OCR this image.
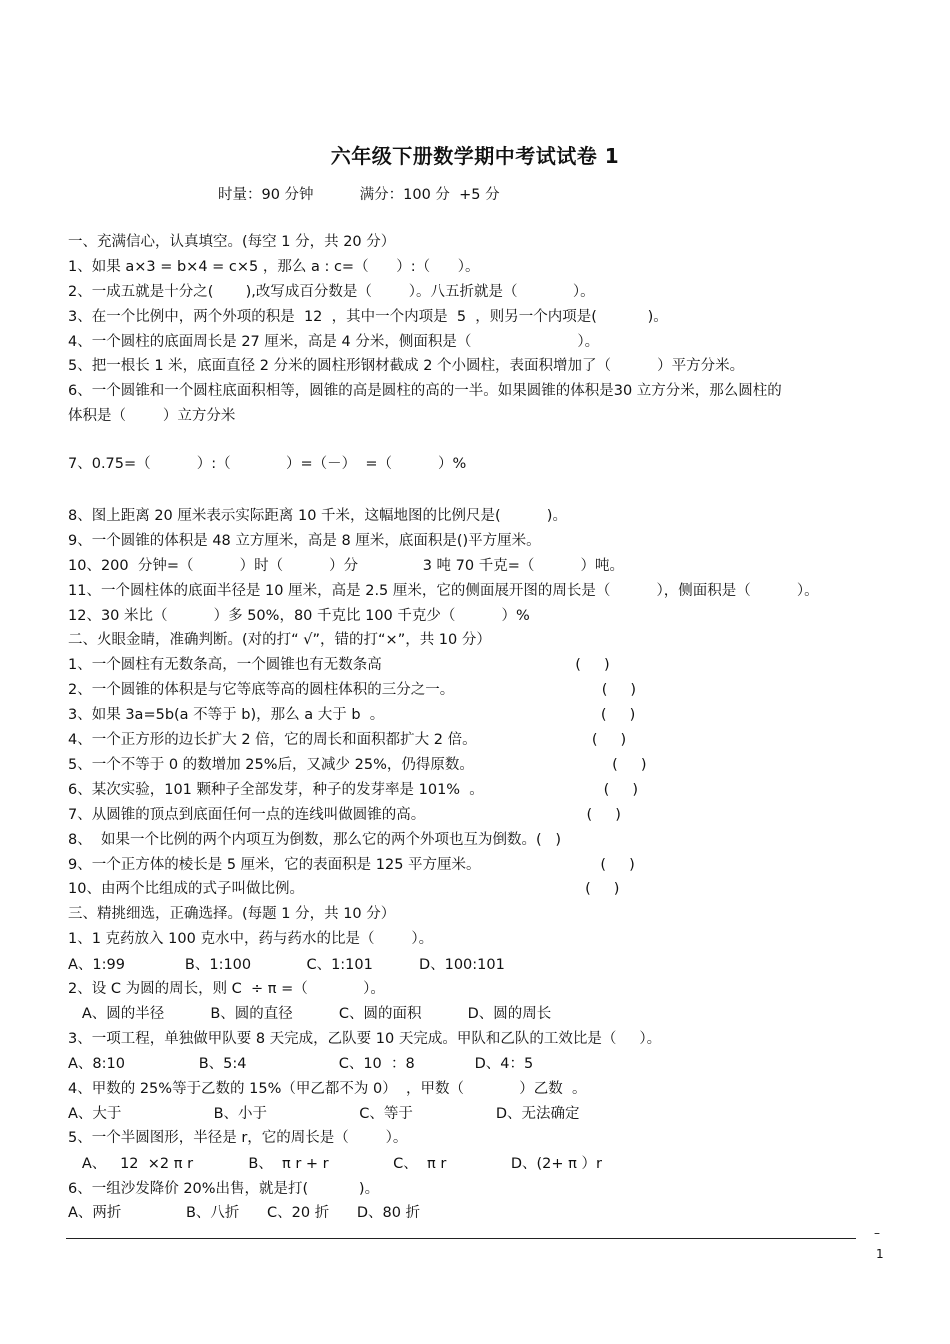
六年级下册数学期中考试试卷 1
时量：90 分钟          满分：100 分  +5 分
一、充满信心，认真填空。(每空 1 分，共 20 分）
1、如果 a×3 = b×4 = c×5 ，那么 a : c=（      ）:（      ）。
2、一成五就是十分之(       ),改写成百分数是（        ）。八五折就是（            ）。
3、在一个比例中，两个外项的积是  12  ，其中一个内项是  5  ，则另一个内项是(           )。
4、一个圆柱的底面周长是 27 厘米，高是 4 分米，侧面积是（                       ）。
5、把一根长 1 米，底面直径 2 分米的圆柱形钢材截成 2 个小圆柱，表面积增加了（          ）平方分米。
6、一个圆锥和一个圆柱底面积相等，圆锥的高是圆柱的高的一半。如果圆锥的体积是30 立方分米，那么圆柱的
体积是（        ）立方分米
7、0.75=（          ）:（            ）=（－）  =（          ）%
8、图上距离 20 厘米表示实际距离 10 千米，这幅地图的比例尺是(          )。
9、一个圆锥的体积是 48 立方厘米，高是 8 厘米，底面积是()平方厘米。
10、200  分钟=（          ）时（          ）分              3 吨 70 千克=（          ）吨。
11、一个圆柱体的底面半径是 10 厘米，高是 2.5 厘米，它的侧面展开图的周长是（          ），侧面积是（          ）。
12、30 米比（          ）多 50%，80 千克比 100 千克少（          ）%
二、火眼金睛，准确判断。(对的打“ √”，错的打“×”，共 10 分）
1、一个圆柱有无数条高，一个圆锥也有无数条高                                          (     )
2、一个圆锥的体积是与它等底等高的圆柱体积的三分之一。                                (     )
3、如果 3a=5b(a 不等于 b)，那么 a 大于 b  。                                               (     )
4、一个正方形的边长扩大 2 倍，它的周长和面积都扩大 2 倍。                         (     )
5、一个不等于 0 的数增加 25%后，又减少 25%，仍得原数。                              (     )
6、某次实验，101 颗种子全部发芽，种子的发芽率是 101%  。                          (     )
7、从圆锥的顶点到底面任何一点的连线叫做圆锥的高。                                   (     )
8、  如果一个比例的两个内项互为倒数，那么它的两个外项也互为倒数。(   )
9、一个正方体的棱长是 5 厘米，它的表面积是 125 平方厘米。                          (     )
10、由两个比组成的式子叫做比例。                                                             (     )
三、精挑细选，正确选择。(每题 1 分，共 10 分）
1、1 克药放入 100 克水中，药与药水的比是（        ）。
A、1:99             B、1:100            C、1:101          D、100:101
2、设 C 为圆的周长，则 C  ÷ π =（            ）。
A、圆的半径          B、圆的直径          C、圆的面积          D、圆的周长
3、一项工程，单独做甲队要 8 天完成，乙队要 10 天完成。甲队和乙队的工效比是（     ）。
A、8:10                B、5:4                    C、10  ：8             D、4：5
4、甲数的 25%等于乙数的 15%（甲乙都不为 0）  ，甲数（            ）乙数  。
A、大于                    B、小于                    C、等于                  D、无法确定
5、一个半圆图形，半径是 r，它的周长是（        ）。
A、   12  ×2 π r            B、  π r + r              C、  π r              D、(2+ π ）r
6、一组沙发降价 20%出售，就是打(           )。
A、两折              B、八折      C、20 折      D、80 折
–
1
